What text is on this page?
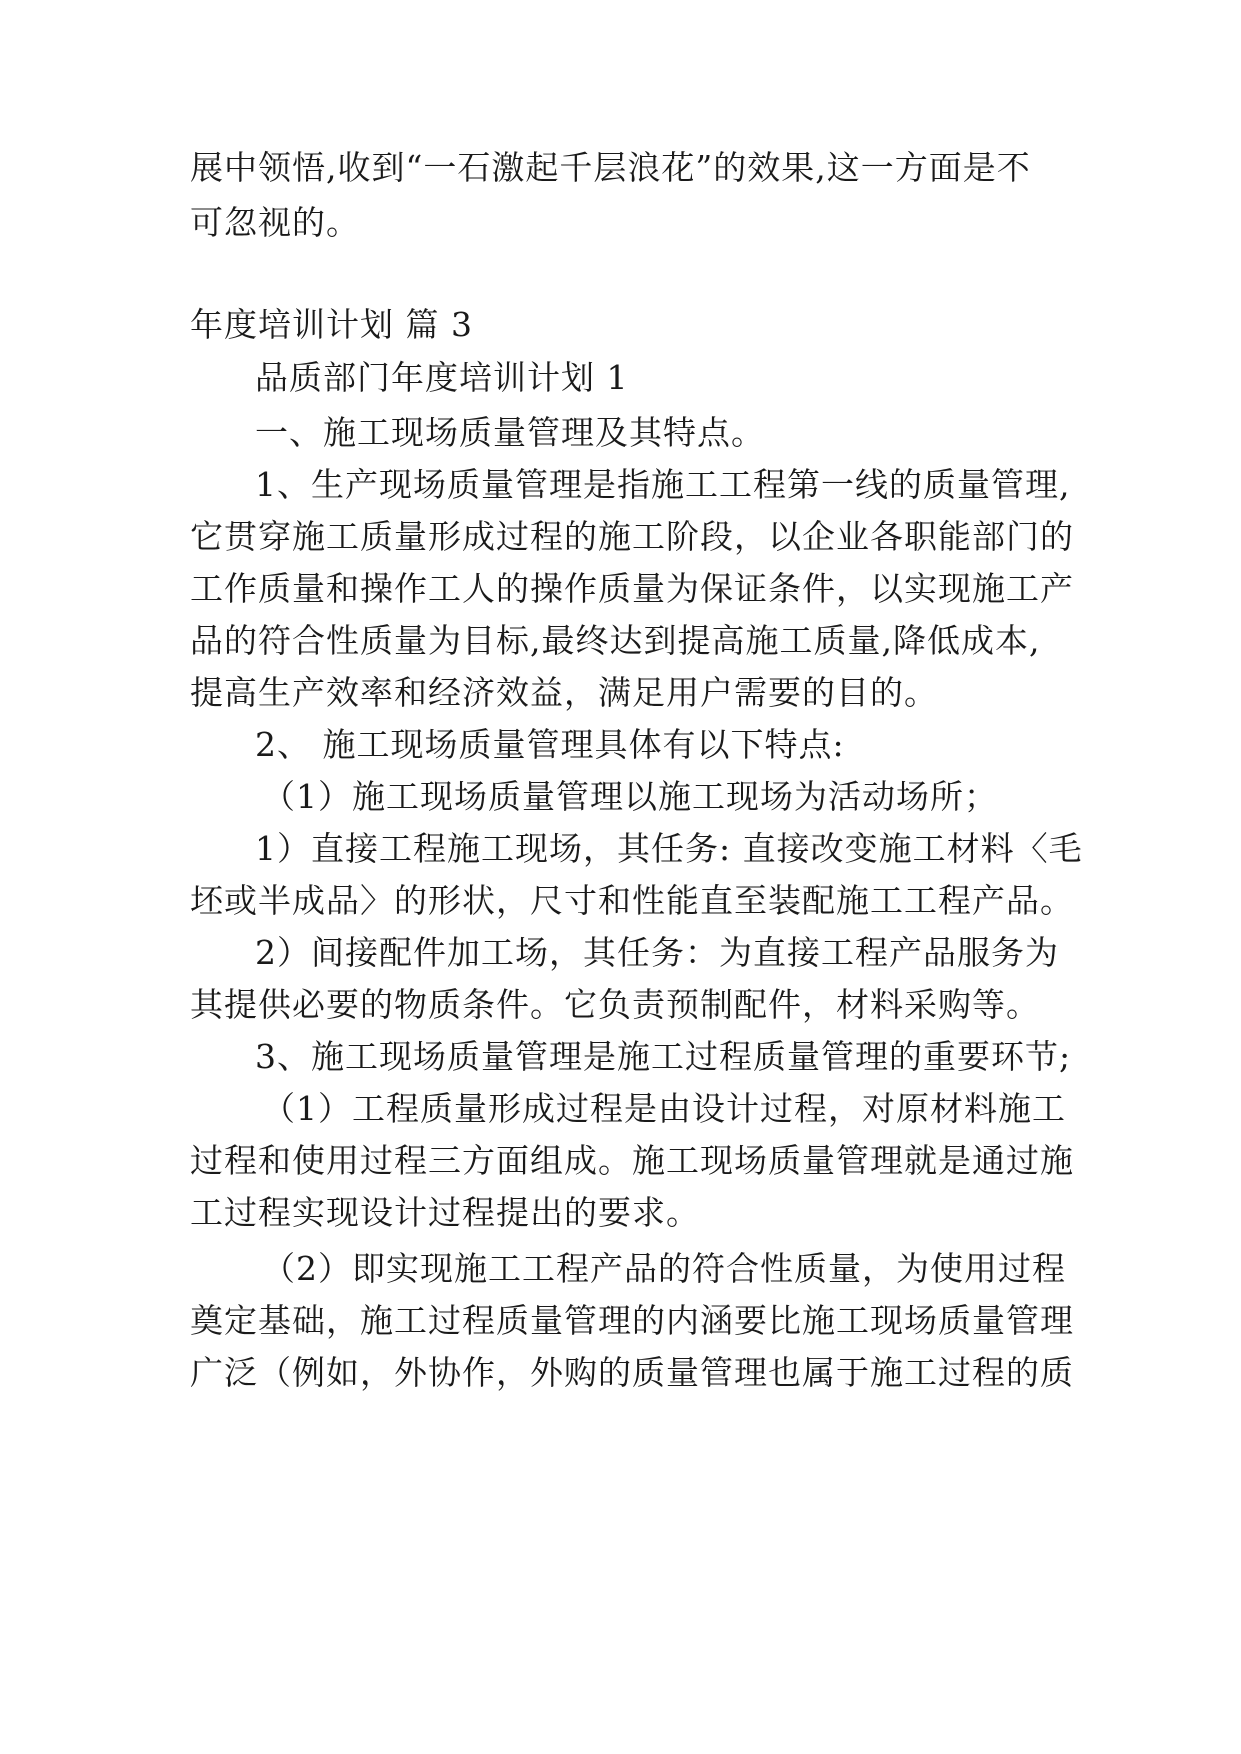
展中领悟,收到“一石激起千层浪花”的效果,这一方面是不
可忽视的。
年度培训计划 篇 3
品质部门年度培训计划 1
一、施工现场质量管理及其特点。
1、生产现场质量管理是指施工工程第一线的质量管理,
它贯穿施工质量形成过程的施工阶段，以企业各职能部门的
工作质量和操作工人的操作质量为保证条件，以实现施工产
品的符合性质量为目标,最终达到提高施工质量,降低成本,
提高生产效率和经济效益，满足用户需要的目的。
2、 施工现场质量管理具体有以下特点:
（1）施工现场质量管理以施工现场为活动场所；
1）直接工程施工现场，其任务: 直接改变施工材料〈毛
坯或半成品〉的形状，尺寸和性能直至装配施工工程产品。
2）间接配件加工场，其任务：为直接工程产品服务为
其提供必要的物质条件。它负责预制配件，材料采购等。
3、施工现场质量管理是施工过程质量管理的重要环节;
（1）工程质量形成过程是由设计过程，对原材料施工
过程和使用过程三方面组成。施工现场质量管理就是通过施
工过程实现设计过程提出的要求。
（2）即实现施工工程产品的符合性质量，为使用过程
奠定基础，施工过程质量管理的内涵要比施工现场质量管理
广泛（例如，外协作，外购的质量管理也属于施工过程的质
